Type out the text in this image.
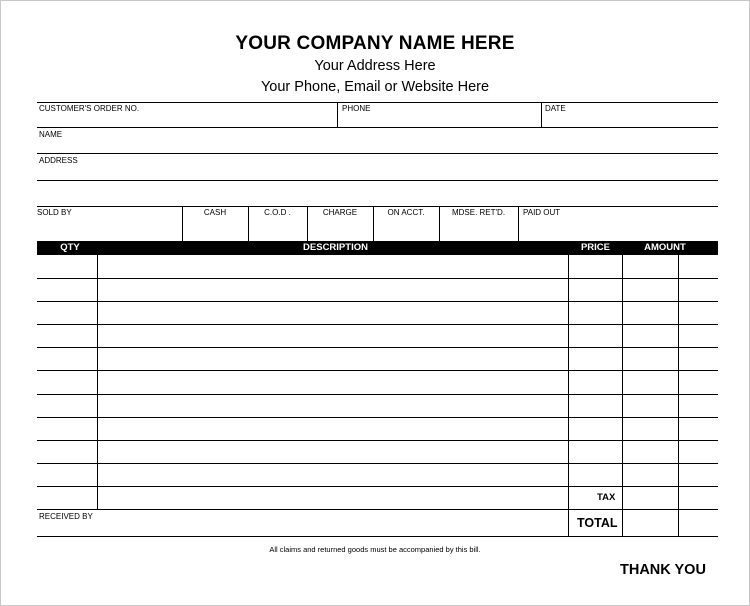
YOUR COMPANY NAME HERE
Your Address Here
Your Phone, Email or Website Here
CUSTOMER'S ORDER NO.	PHONE	DATE
NAME
ADDRESS
SOLD BY	CASH	C.O.D .	CHARGE	ON ACCT.	MDSE. RET'D.	PAID OUT
QTY	DESCRIPTION	PRICE	AMOUNT
TAX
RECEIVED BY	TOTAL
All claims and returned goods must be accompanied by this bill.
THANK YOU
